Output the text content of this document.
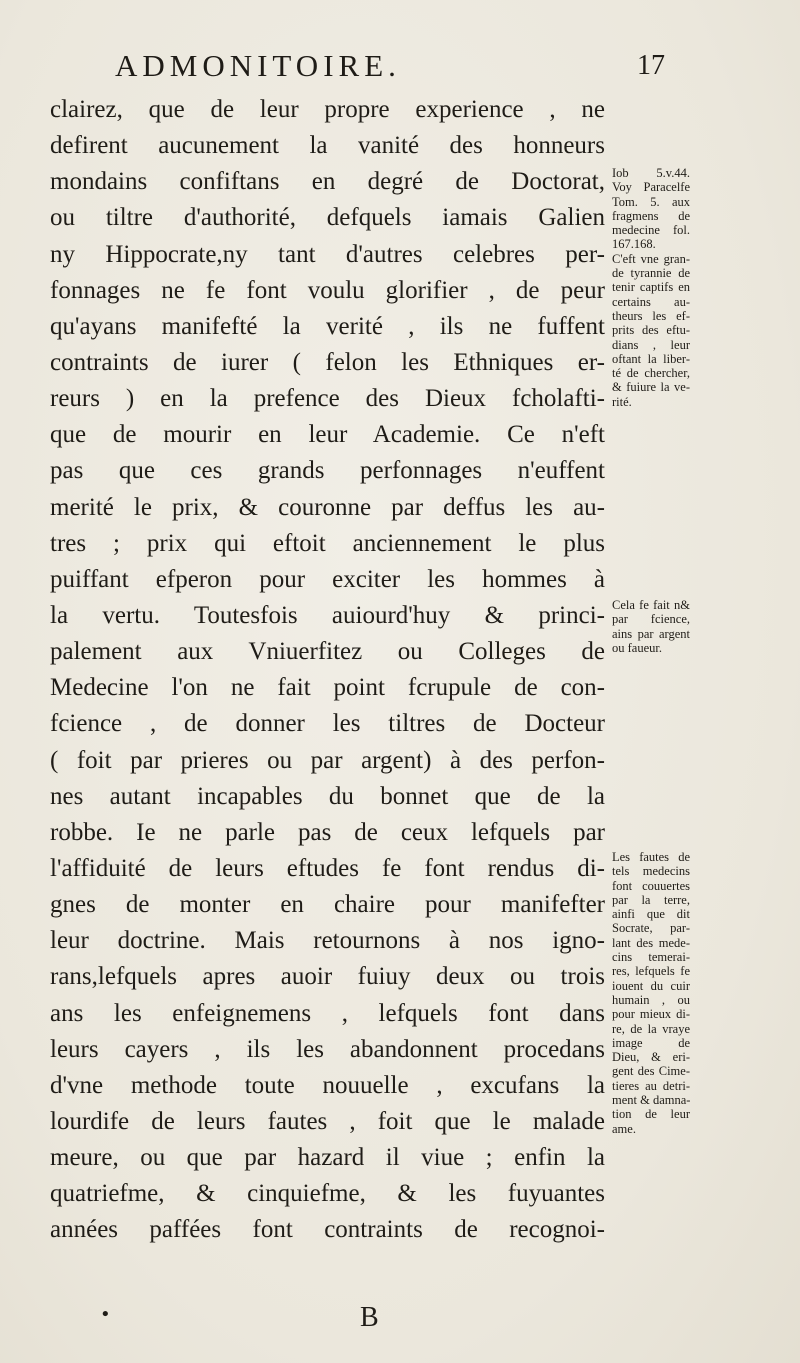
ADMONITOIRE.	17
clairez, que de leur propre experience , ne
defirent aucunement la vanité des honneurs
mondains confiftans en degré de Doctorat,
ou tiltre d'authorité, defquels iamais Galien
ny Hippocrate,ny tant d'autres celebres per-
fonnages ne fe font voulu glorifier , de peur
qu'ayans manifefté la verité , ils ne fuffent
contraints de iurer ( felon les Ethniques er-
reurs ) en la prefence des Dieux fcholafti-
que de mourir en leur Academie. Ce n'eft
pas que ces grands perfonnages n'euffent
merité le prix, & couronne par deffus les au-
tres ; prix qui eftoit anciennement le plus
puiffant efperon pour exciter les hommes à
la vertu. Toutesfois auiourd'huy & princi-
palement aux Vniuerfitez ou Colleges de
Medecine l'on ne fait point fcrupule de con-
fcience , de donner les tiltres de Docteur
( foit par prieres ou par argent) à des perfon-
nes autant incapables du bonnet que de la
robbe. Ie ne parle pas de ceux lefquels par
l'affiduité de leurs eftudes fe font rendus di-
gnes de monter en chaire pour manifefter
leur doctrine. Mais retournons à nos igno-
rans,lefquels apres auoir fuiuy deux ou trois
ans les enfeignemens , lefquels font dans
leurs cayers , ils les abandonnent procedans
d'vne methode toute nouuelle , excufans la
lourdife de leurs fautes , foit que le malade
meure, ou que par hazard il viue ; enfin la
quatriefme, & cinquiefme, & les fuyuantes
années paffées font contraints de recognoi-
Iob 5.v.44.
Voy Paracelfe
Tom. 5. aux
fragmens de
medecine fol.
167.168.
C'eft vne gran-
de tyrannie de
tenir captifs en
certains au-
theurs les ef-
prits des eftu-
dians , leur
oftant la liber-
té de chercher,
& fuiure la ve-
rité.
Cela fe fait n&
par fcience,
ains par argent
ou faueur.
Les fautes de
tels medecins
font couuertes
par la terre,
ainfi que dit
Socrate, par-
lant des mede-
cins temerai-
res, lefquels fe
iouent du cuir
humain , ou
pour mieux di-
re, de la vraye
image de
Dieu, & eri-
gent des Cime-
tieres au detri-
ment & damna-
tion de leur
ame.
•	B
